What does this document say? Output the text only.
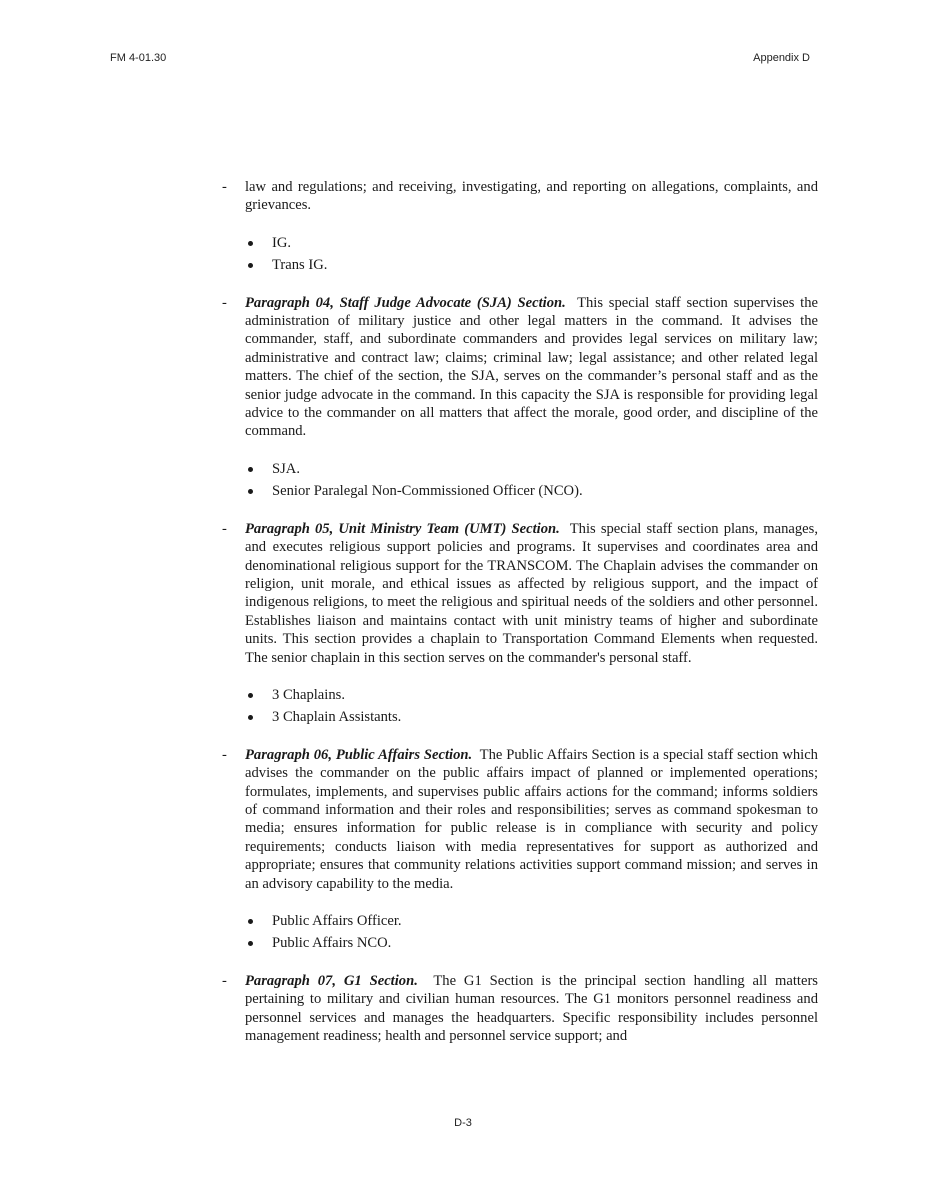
FM 4-01.30	Appendix D
- law and regulations; and receiving, investigating, and reporting on allegations, complaints, and grievances.
IG.
Trans IG.
- Paragraph 04, Staff Judge Advocate (SJA) Section. This special staff section supervises the administration of military justice and other legal matters in the command. It advises the commander, staff, and subordinate commanders and provides legal services on military law; administrative and contract law; claims; criminal law; legal assistance; and other related legal matters. The chief of the section, the SJA, serves on the commander’s personal staff and as the senior judge advocate in the command. In this capacity the SJA is responsible for providing legal advice to the commander on all matters that affect the morale, good order, and discipline of the command.
SJA.
Senior Paralegal Non-Commissioned Officer (NCO).
- Paragraph 05, Unit Ministry Team (UMT) Section. This special staff section plans, manages, and executes religious support policies and programs. It supervises and coordinates area and denominational religious support for the TRANSCOM. The Chaplain advises the commander on religion, unit morale, and ethical issues as affected by religious support, and the impact of indigenous religions, to meet the religious and spiritual needs of the soldiers and other personnel. Establishes liaison and maintains contact with unit ministry teams of higher and subordinate units. This section provides a chaplain to Transportation Command Elements when requested. The senior chaplain in this section serves on the commander's personal staff.
3 Chaplains.
3 Chaplain Assistants.
- Paragraph 06, Public Affairs Section. The Public Affairs Section is a special staff section which advises the commander on the public affairs impact of planned or implemented operations; formulates, implements, and supervises public affairs actions for the command; informs soldiers of command information and their roles and responsibilities; serves as command spokesman to media; ensures information for public release is in compliance with security and policy requirements; conducts liaison with media representatives for support as authorized and appropriate; ensures that community relations activities support command mission; and serves in an advisory capability to the media.
Public Affairs Officer.
Public Affairs NCO.
- Paragraph 07, G1 Section. The G1 Section is the principal section handling all matters pertaining to military and civilian human resources. The G1 monitors personnel readiness and personnel services and manages the headquarters. Specific responsibility includes personnel management readiness; health and personnel service support; and
D-3
